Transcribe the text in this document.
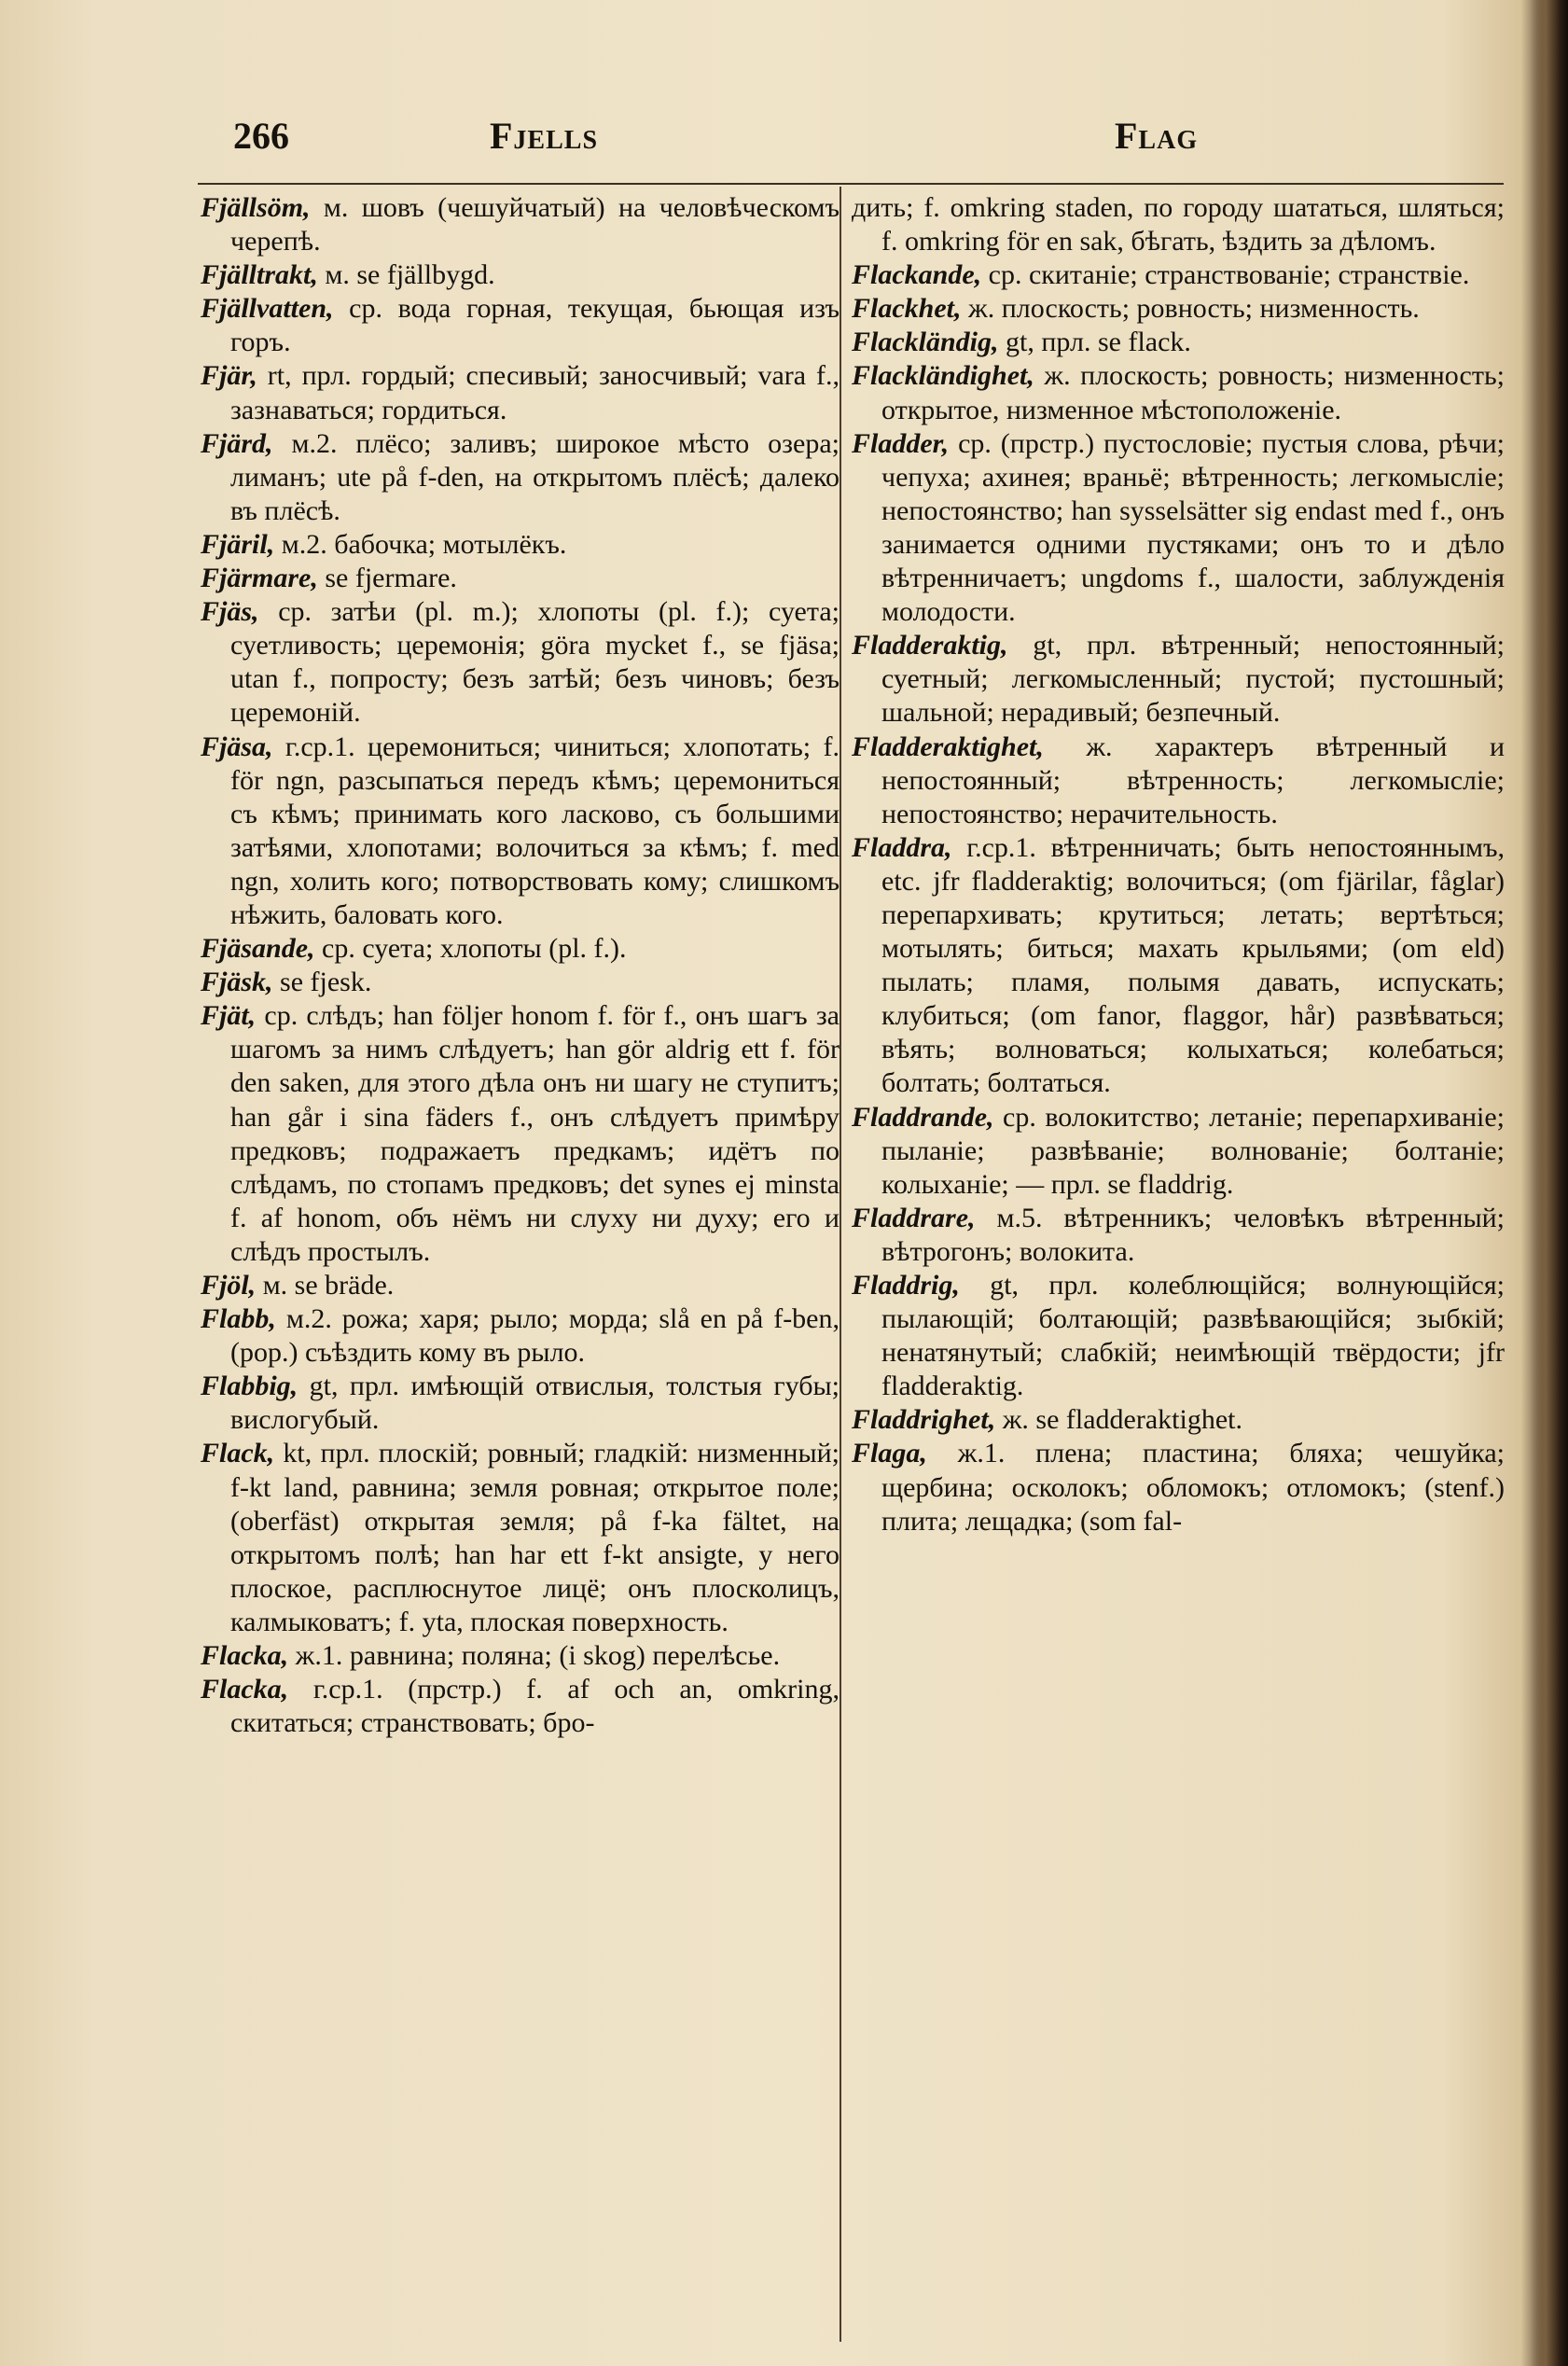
266	Fjells	Flag

Fjällsöm, м. шовъ (чешуйчатый) на человѣческомъ черепѣ.

Fjälltrakt, м. se fjällbygd.

Fjällvatten, ср. вода горная, текущая, бьющая изъ горъ.

Fjär, rt, прл. гордый; спесивый; заносчивый; vara f., зазнаваться; гордиться.

Fjärd, м.2. плёсо; заливъ; широкое мѣсто озера; лиманъ; ute på f-den, на открытомъ плёсѣ; далеко въ плёсѣ.

Fjäril, м.2. бабочка; мотылёкъ.

Fjärmare, se fjermare.

Fjäs, ср. затѣи (pl. m.); хлопоты (pl. f.); суета; суетливость; церемонія; göra mycket f., se fjäsa; utan f., попросту; безъ затѣй; безъ чиновъ; безъ церемоній.

Fjäsa, г.ср.1. церемониться; чиниться; хлопотать; f. för ngn, разсыпаться передъ кѣмъ; церемониться съ кѣмъ; принимать кого ласково, съ большими затѣями, хлопотами; волочиться за кѣмъ; f. med ngn, холить кого; потворствовать кому; слишкомъ нѣжить, баловать кого.

Fjäsande, ср. суета; хлопоты (pl. f.).

Fjäsk, se fjesk.

Fjät, ср. слѣдъ; han följer honom f. för f., онъ шагъ за шагомъ за нимъ слѣдуетъ; han gör aldrig ett f. för den saken, для этого дѣла онъ ни шагу не ступитъ; han går i sina fäders f., онъ слѣдуетъ примѣру предковъ; подражаетъ предкамъ; идётъ по слѣдамъ, по стопамъ предковъ; det synes ej minsta f. af honom, объ нёмъ ни слуху ни духу; его и слѣдъ простылъ.

Fjöl, м. se bräde.

Flabb, м.2. рожа; харя; рыло; морда; slå en på f-ben, (рор.) съѣздить кому въ рыло.

Flabbig, gt, прл. имѣющій отвислыя, толстыя губы; вислогубый.

Flack, kt, прл. плоскій; ровный; гладкій: низменный; f-kt land, равнина; земля ровная; открытое поле; (oberfäst) открытая земля; på f-ka fältet, на открытомъ полѣ; han har ett f-kt ansigte, у него плоское, расплюснутое лицё; онъ плосколицъ, калмыковатъ; f. yta, плоская поверхность.

Flacka, ж.1. равнина; поляна; (i skog) перелѣсье.

Flacka, г.ср.1. (прстр.) f. af och an, omkring, скитаться; странствовать; бро-

дить; f. omkring staden, по городу шататься, шляться; f. omkring för en sak, бѣгать, ѣздить за дѣломъ.

Flackande, ср. скитаніе; странствованіе; странствіе.

Flackhet, ж. плоскость; ровность; низменность.

Flackländig, gt, прл. se flack.

Flackländighet, ж. плоскость; ровность; низменность; открытое, низменное мѣстоположеніе.

Fladder, ср. (прстр.) пустословіе; пустыя слова, рѣчи; чепуха; ахинея; враньё; вѣтренность; легкомысліе; непостоянство; han sysselsätter sig endast med f., онъ занимается одними пустяками; онъ то и дѣло вѣтренничаетъ; ungdoms f., шалости, заблужденія молодости.

Fladderaktig, gt, прл. вѣтренный; непостоянный; суетный; легкомысленный; пустой; пустошный; шальной; нерадивый; безпечный.

Fladderaktighet, ж. характеръ вѣтренный и непостоянный; вѣтренность; легкомысліе; непостоянство; нерачительность.

Fladdra, г.ср.1. вѣтренничать; быть непостояннымъ, etc. jfr fladderaktig; волочиться; (om fjärilar, fåglar) перепархивать; крутиться; летать; вертѣться; мотылять; биться; махать крыльями; (om eld) пылать; пламя, полымя давать, испускать; клубиться; (om fanor, flaggor, hår) развѣваться; вѣять; волноваться; колыхаться; колебаться; болтать; болтаться.

Fladdrande, ср. волокитство; летаніе; перепархиваніе; пыланіе; развѣваніе; волнованіе; болтаніе; колыханіе; — прл. se fladdrig.

Fladdrare, м.5. вѣтренникъ; человѣкъ вѣтренный; вѣтрогонъ; волокита.

Fladdrig, gt, прл. колеблющійся; волнующійся; пылающій; болтающій; развѣвающійся; зыбкій; ненатянутый; слабкій; неимѣющій твёрдости; jfr fladderaktig.

Fladdrighet, ж. se fladderaktighet.

Flaga, ж.1. плена; пластина; бляха; чешуйка; щербина; осколокъ; обломокъ; отломокъ; (stenf.) плита; лещадка; (som fal-
